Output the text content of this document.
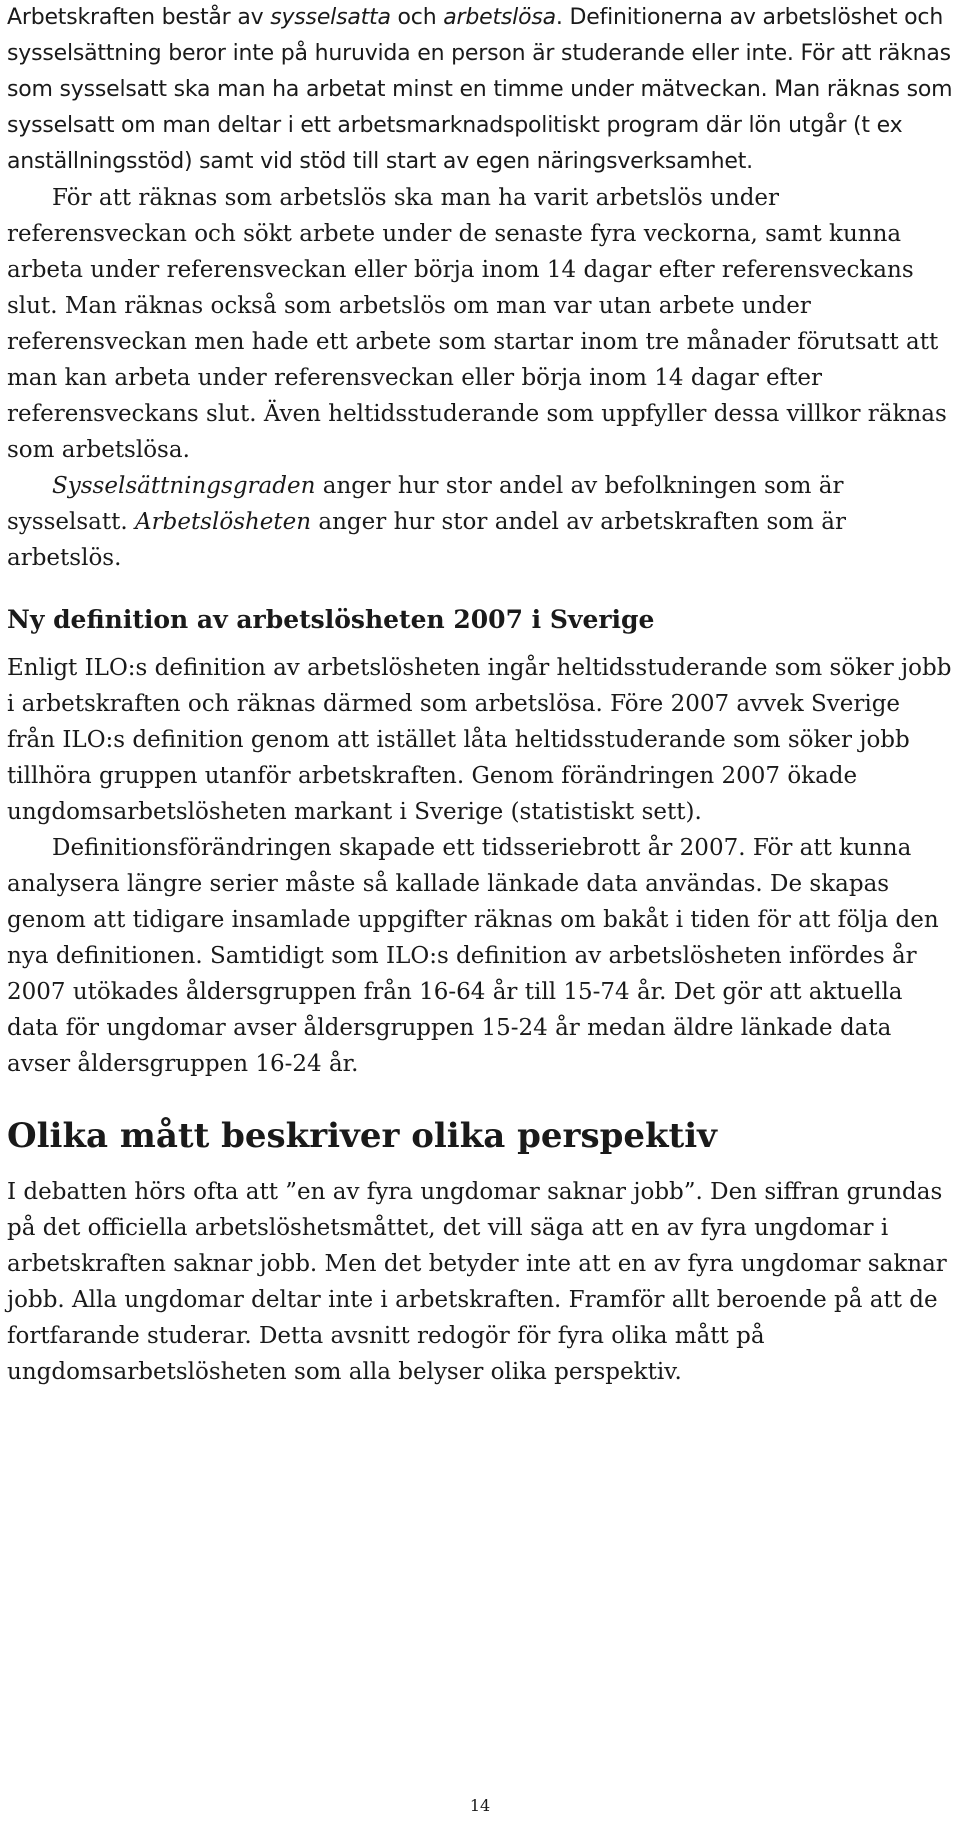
Arbetskraften består av sysselsatta och arbetslösa. Definitionerna av arbetslöshet och sysselsättning beror inte på huruvida en person är studerande eller inte. För att räknas som sysselsatt ska man ha arbetat minst en timme under mätveckan. Man räknas som sysselsatt om man deltar i ett arbetsmarknadspolitiskt program där lön utgår (t ex anställningsstöd) samt vid stöd till start av egen näringsverksamhet.

För att räknas som arbetslös ska man ha varit arbetslös under referensveckan och sökt arbete under de senaste fyra veckorna, samt kunna arbeta under referensveckan eller börja inom 14 dagar efter referensveckans slut. Man räknas också som arbetslös om man var utan arbete under referensveckan men hade ett arbete som startar inom tre månader förutsatt att man kan arbeta under referensveckan eller börja inom 14 dagar efter referensveckans slut. Även heltidsstuderande som uppfyller dessa villkor räknas som arbetslösa.

Sysselsättningsgraden anger hur stor andel av befolkningen som är sysselsatt. Arbetslösheten anger hur stor andel av arbetskraften som är arbetslös.

Ny definition av arbetslösheten 2007 i Sverige

Enligt ILO:s definition av arbetslösheten ingår heltidsstuderande som söker jobb i arbetskraften och räknas därmed som arbetslösa. Före 2007 avvek Sverige från ILO:s definition genom att istället låta heltidsstuderande som söker jobb tillhöra gruppen utanför arbetskraften. Genom förändringen 2007 ökade ungdomsarbetslösheten markant i Sverige (statistiskt sett).

Definitionsförändringen skapade ett tidsseriebrott år 2007. För att kunna analysera längre serier måste så kallade länkade data användas. De skapas genom att tidigare insamlade uppgifter räknas om bakåt i tiden för att följa den nya definitionen. Samtidigt som ILO:s definition av arbetslösheten infördes år 2007 utökades åldersgruppen från 16-64 år till 15-74 år. Det gör att aktuella data för ungdomar avser åldersgruppen 15-24 år medan äldre länkade data avser åldersgruppen 16-24 år.

Olika mått beskriver olika perspektiv

I debatten hörs ofta att ”en av fyra ungdomar saknar jobb”. Den siffran grundas på det officiella arbetslöshetsmåttet, det vill säga att en av fyra ungdomar i arbetskraften saknar jobb. Men det betyder inte att en av fyra ungdomar saknar jobb. Alla ungdomar deltar inte i arbetskraften. Framför allt beroende på att de fortfarande studerar. Detta avsnitt redogör för fyra olika mått på ungdomsarbetslösheten som alla belyser olika perspektiv.

14
